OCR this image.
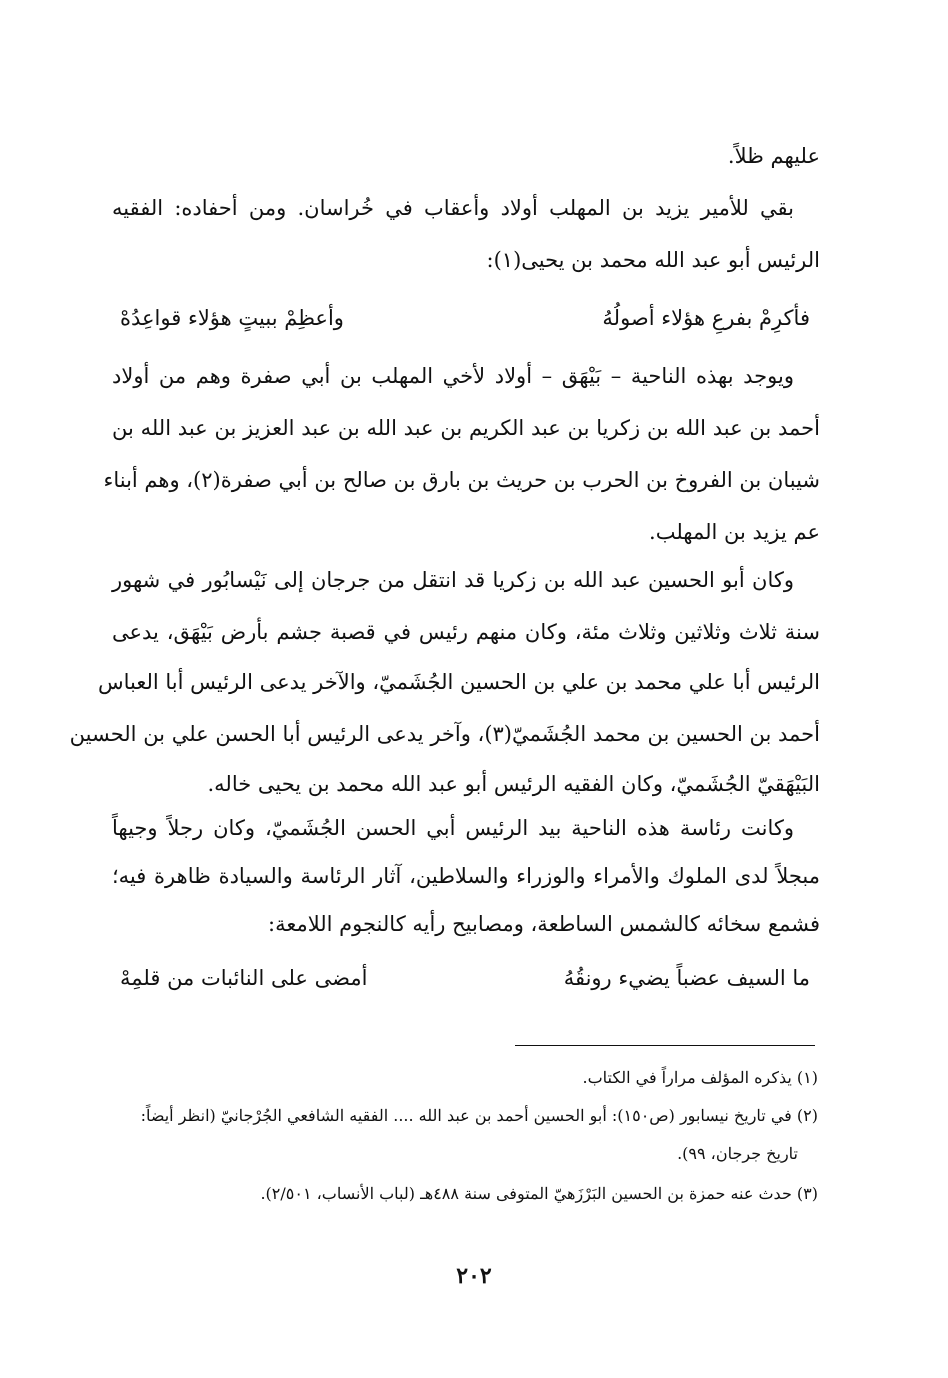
عليهم ظلاً.
بقي للأمير يزيد بن المهلب أولاد وأعقاب في خُراسان. ومن أحفاده: الفقيه
الرئيس أبو عبد الله محمد بن يحيى(١):
فأكرِمْ بفرعِ هؤلاء أصولُهُ
وأعظِمْ ببيتٍ هؤلاء قواعِدُهْ
ويوجد بهذه الناحية – بَيْهَق – أولاد لأخي المهلب بن أبي صفرة وهم من أولاد
أحمد بن عبد الله بن زكريا بن عبد الكريم بن عبد الله بن عبد العزيز بن عبد الله بن
شيبان بن الفروخ بن الحرب بن حريث بن بارق بن صالح بن أبي صفرة(٢)، وهم أبناء
عم يزيد بن المهلب.
وكان أبو الحسين عبد الله بن زكريا قد انتقل من جرجان إلى نَيْسابُور في شهور
سنة ثلاث وثلاثين وثلاث مئة، وكان منهم رئيس في قصبة جشم بأرض بَيْهَق، يدعى
الرئيس أبا علي محمد بن علي بن الحسين الجُشَميّ، والآخر يدعى الرئيس أبا العباس
أحمد بن الحسين بن محمد الجُشَميّ(٣)، وآخر يدعى الرئيس أبا الحسن علي بن الحسين
البَيْهَقيّ الجُشَميّ، وكان الفقيه الرئيس أبو عبد الله محمد بن يحيى خاله.
وكانت رئاسة هذه الناحية بيد الرئيس أبي الحسن الجُشَميّ، وكان رجلاً وجيهاً
مبجلاً لدى الملوك والأمراء والوزراء والسلاطين، آثار الرئاسة والسيادة ظاهرة فيه؛
فشمع سخائه كالشمس الساطعة، ومصابيح رأيه كالنجوم اللامعة:
ما السيف عضباً يضيء رونقُهُ
أمضى على النائبات من قلمِهْ
(١) يذكره المؤلف مراراً في الكتاب.
(٢) في تاريخ نيسابور (ص١٥٠): أبو الحسين أحمد بن عبد الله .... الفقيه الشافعي الجُرْجانيّ (انظر أيضاً:
تاريخ جرجان، ٩٩).
(٣) حدث عنه حمزة بن الحسين البَرْزَهيّ المتوفى سنة ٤٨٨هـ (لباب الأنساب، ٢/٥٠١).
٢٠٢
